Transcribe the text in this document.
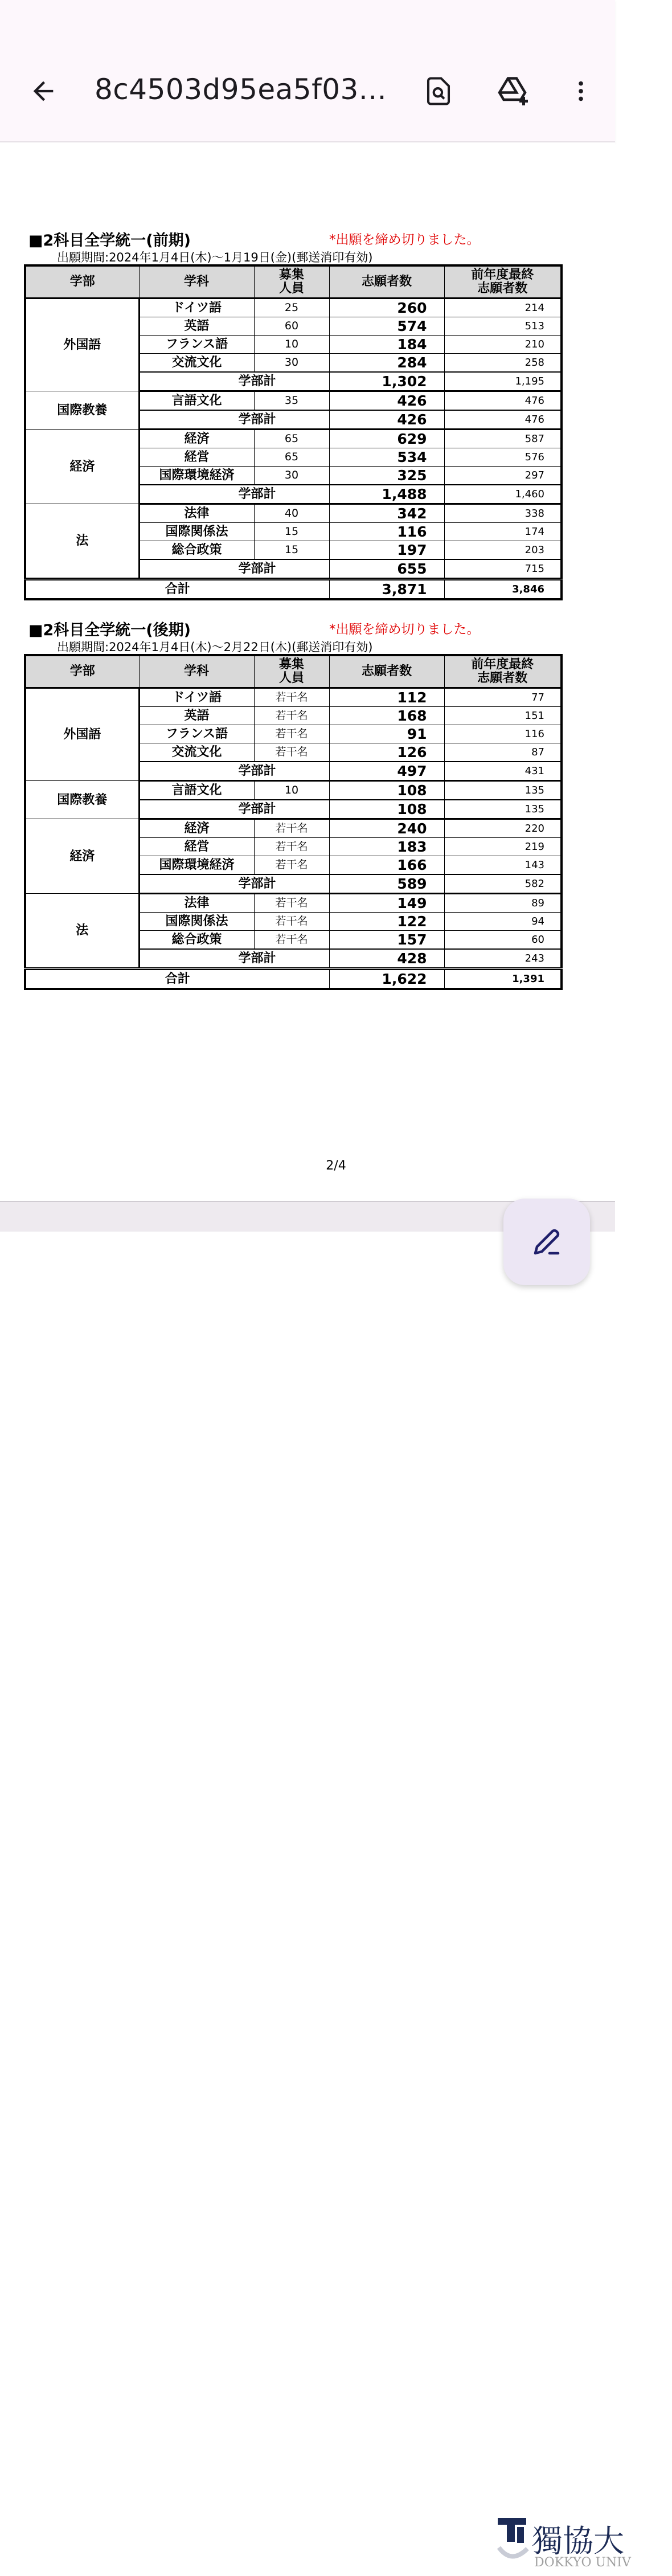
8c4503d95ea5f03...
■2科目全学統一(前期)	*出願を締め切りました。
出願期間:2024年1月4日(木)～1月19日(金)(郵送消印有効)
学部	学科	募集
人員	志願者数	前年度最終
志願者数
外国語	ドイツ語	25	260	214
	英語	60	574	513
	フランス語	10	184	210
	交流文化	30	284	258
	学部計		1,302	1,195
国際教養	言語文化	35	426	476
	学部計		426	476
経済	経済	65	629	587
	経営	65	534	576
	国際環境経済	30	325	297
	学部計		1,488	1,460
法	法律	40	342	338
	国際関係法	15	116	174
	総合政策	15	197	203
	学部計		655	715
合計			3,871	3,846
■2科目全学統一(後期)	*出願を締め切りました。
出願期間:2024年1月4日(木)～2月22日(木)(郵送消印有効)
学部	学科	募集
人員	志願者数	前年度最終
志願者数
外国語	ドイツ語	若干名	112	77
	英語	若干名	168	151
	フランス語	若干名	91	116
	交流文化	若干名	126	87
	学部計		497	431
国際教養	言語文化	10	108	135
	学部計		108	135
経済	経済	若干名	240	220
	経営	若干名	183	219
	国際環境経済	若干名	166	143
	学部計		589	582
法	法律	若干名	149	89
	国際関係法	若干名	122	94
	総合政策	若干名	157	60
	学部計		428	243
合計			1,622	1,391
2/4
獨協大
DOKKYO UNIV
